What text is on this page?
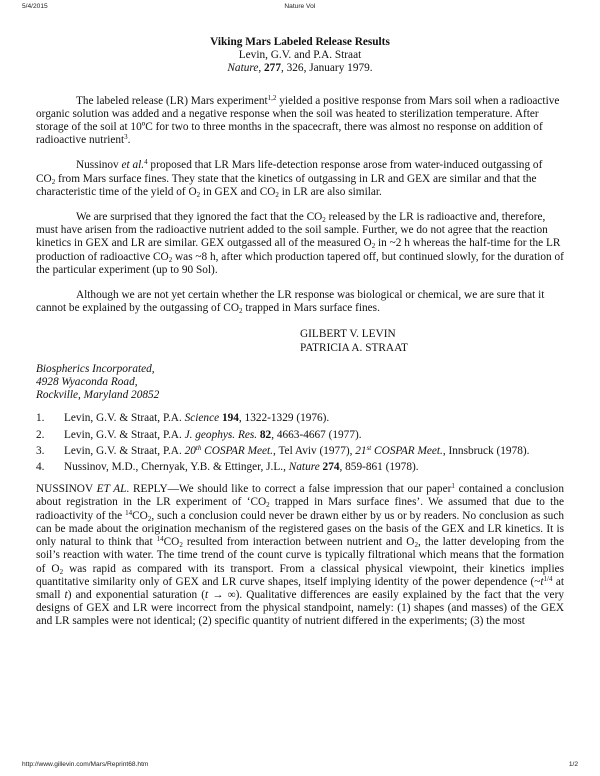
5/4/2015	Nature VoI
Viking Mars Labeled Release Results
Levin, G.V. and P.A. Straat
Nature, 277, 326, January 1979.

The labeled release (LR) Mars experiment$^{1,2}$ yielded a positive response from Mars soil when a radioactive organic solution was added and a negative response when the soil was heated to sterilization temperature. After storage of the soil at 10ºC for two to three months in the spacecraft, there was almost no response on addition of radioactive nutrient$^3$.

Nussinov et al.$^4$ proposed that LR Mars life-detection response arose from water-induced outgassing of $CO_2$ from Mars surface fines. They state that the kinetics of outgassing in LR and GEX are similar and that the characteristic time of the yield of $O_2$ in GEX and $CO_2$ in LR are also similar.

We are surprised that they ignored the fact that the $CO_2$ released by the LR is radioactive and, therefore, must have arisen from the radioactive nutrient added to the soil sample. Further, we do not agree that the reaction kinetics in GEX and LR are similar. GEX outgassed all of the measured $O_2$ in ~2 h whereas the half-time for the LR production of radioactive $CO_2$ was ~8 h, after which production tapered off, but continued slowly, for the duration of the particular experiment (up to 90 Sol).

Although we are not yet certain whether the LR response was biological or chemical, we are sure that it cannot be explained by the outgassing of $CO_2$ trapped in Mars surface fines.

GILBERT V. LEVIN
PATRICIA A. STRAAT
Biospherics Incorporated,
4928 Wyaconda Road,
Rockville, Maryland 20852
1. Levin, G.V. & Straat, P.A. Science 194, 1322-1329 (1976).
2. Levin, G.V. & Straat, P.A. J. geophys. Res. 82, 4663-4667 (1977).
3. Levin, G.V. & Straat, P.A. 20th COSPAR Meet., Tel Aviv (1977), 21st COSPAR Meet., Innsbruck (1978).
4. Nussinov, M.D., Chernyak, Y.B. & Ettinger, J.L., Nature 274, 859-861 (1978).

NUSSINOV ET AL. REPLY—We should like to correct a false impression that our paper$^1$ contained a conclusion about registration in the LR experiment of ‘$CO_2$ trapped in Mars surface fines’. We assumed that due to the radioactivity of the $^{14}CO_2$, such a conclusion could never be drawn either by us or by readers. No conclusion as such can be made about the origination mechanism of the registered gases on the basis of the GEX and LR kinetics. It is only natural to think that $^{14}CO_2$ resulted from interaction between nutrient and $O_2$, the latter developing from the soil’s reaction with water. The time trend of the count curve is typically filtrational which means that the formation of $O_2$ was rapid as compared with its transport. From a classical physical viewpoint, their kinetics implies quantitative similarity only of GEX and LR curve shapes, itself implying identity of the power dependence ($\sim t^{1/4}$ at small t) and exponential saturation (t → ∞). Qualitative differences are easily explained by the fact that the very designs of GEX and LR were incorrect from the physical standpoint, namely: (1) shapes (and masses) of the GEX and LR samples were not identical; (2) specific quantity of nutrient differed in the experiments; (3) the most

http://www.gillevin.com/Mars/Reprint68.htm	1/2
